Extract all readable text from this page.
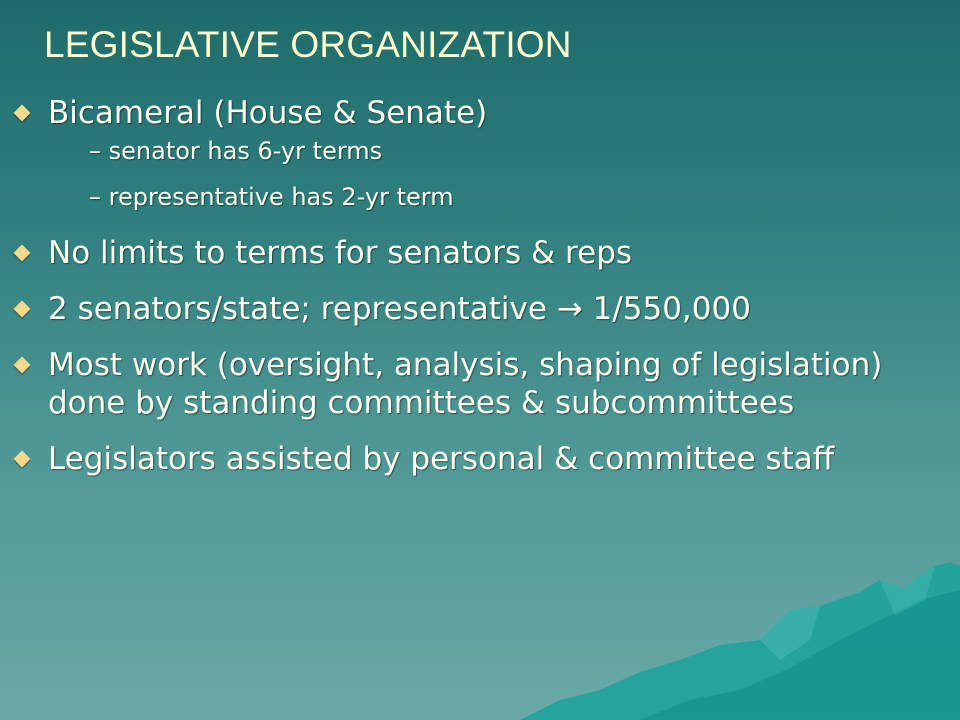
LEGISLATIVE ORGANIZATION
Bicameral (House & Senate)
– senator has 6-yr terms
– representative has 2-yr term
No limits to terms for senators & reps
2 senators/state; representative → 1/550,000
Most work (oversight, analysis, shaping of legislation) done by standing committees & subcommittees
Legislators assisted by personal & committee staff
